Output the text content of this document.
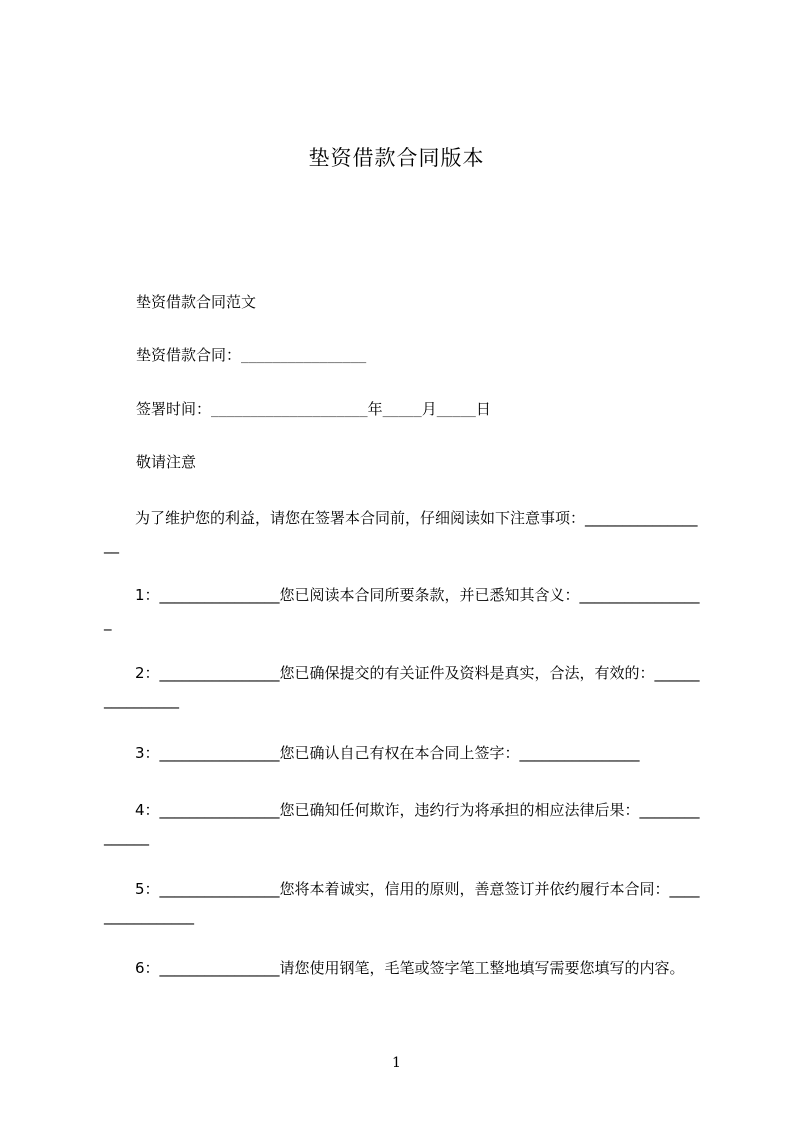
垫资借款合同版本
垫资借款合同范文
垫资借款合同：________________
签署时间：____________________年_____月_____日
敬请注意
为了维护您的利益，请您在签署本合同前，仔细阅读如下注意事项：_________________
1：________________您已阅读本合同所要条款，并已悉知其含义：_________________
2：________________您已确保提交的有关证件及资料是真实，合法，有效的：________________
3：________________您已确认自己有权在本合同上签字：________________
4：________________您已确知任何欺诈，违约行为将承担的相应法律后果：______________
5：________________您将本着诚实，信用的原则，善意签订并依约履行本合同：________________
6：________________请您使用钢笔，毛笔或签字笔工整地填写需要您填写的内容。
1
